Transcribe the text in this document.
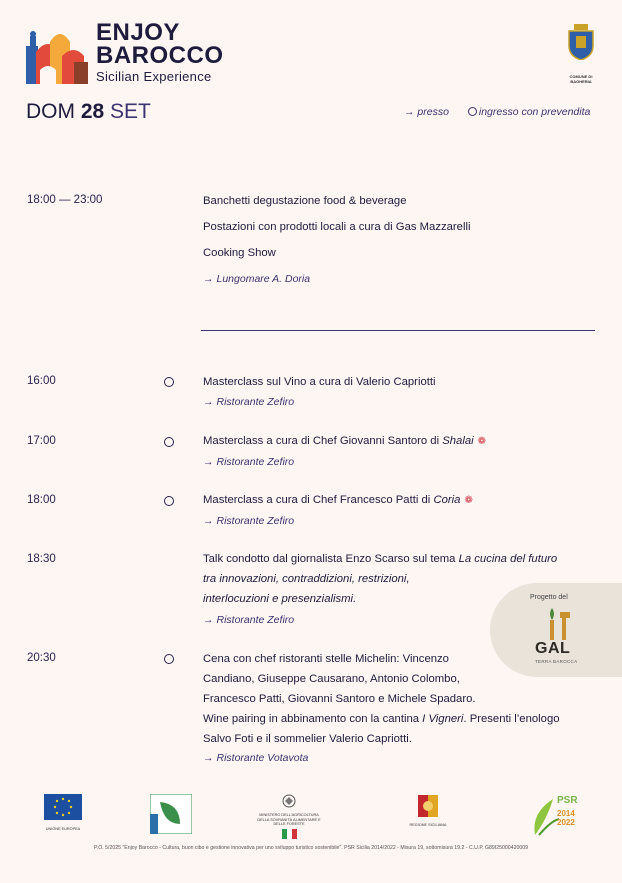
ENJOY
BAROCCO
Sicilian Experience	COMUNE DI BAGHERIA
DOM 28 SET	→ presso	ingresso con prevendita
18:00 — 23:00	Banchetti degustazione food & beverage
Postazioni con prodotti locali a cura di Gas Mazzarelli
Cooking Show
→ Lungomare A. Doria
16:00	Masterclass sul Vino a cura di Valerio Capriotti
→ Ristorante Zefiro
17:00	Masterclass a cura di Chef Giovanni Santoro di Shalai ❁
→ Ristorante Zefiro
18:00	Masterclass a cura di Chef Francesco Patti di Coria ❁
→ Ristorante Zefiro
18:30	Talk condotto dal giornalista Enzo Scarso sul tema La cucina del futuro
tra innovazioni, contraddizioni, restrizioni,
interlocuzioni e presenzialismi.
→ Ristorante Zefiro
Progetto del
GAL
TERRA BAROCCA
20:30	Cena con chef ristoranti stelle Michelin: Vincenzo
Candiano, Giuseppe Causarano, Antonio Colombo,
Francesco Patti, Giovanni Santoro e Michele Spadaro.
Wine pairing in abbinamento con la cantina I Vigneri. Presenti l’enologo
Salvo Foti e il sommelier Valerio Capriotti.
→ Ristorante Votavota
UNIONE EUROPEA
MINISTERO DELL'AGRICOLTURA DELLA SOVRANITÀ ALIMENTARE E DELLE FORESTE	REGIONE SICILIANA
PSR
2014 2022
P.O. 5/2025 "Enjoy Barocco - Cultura, buon cibo e gestione innovativa per uno sviluppo turistico sostenibile". PSR Sicilia 2014/2022 - Misura 19, sottomisura 19.2 - C.U.P. G89I25000420009
